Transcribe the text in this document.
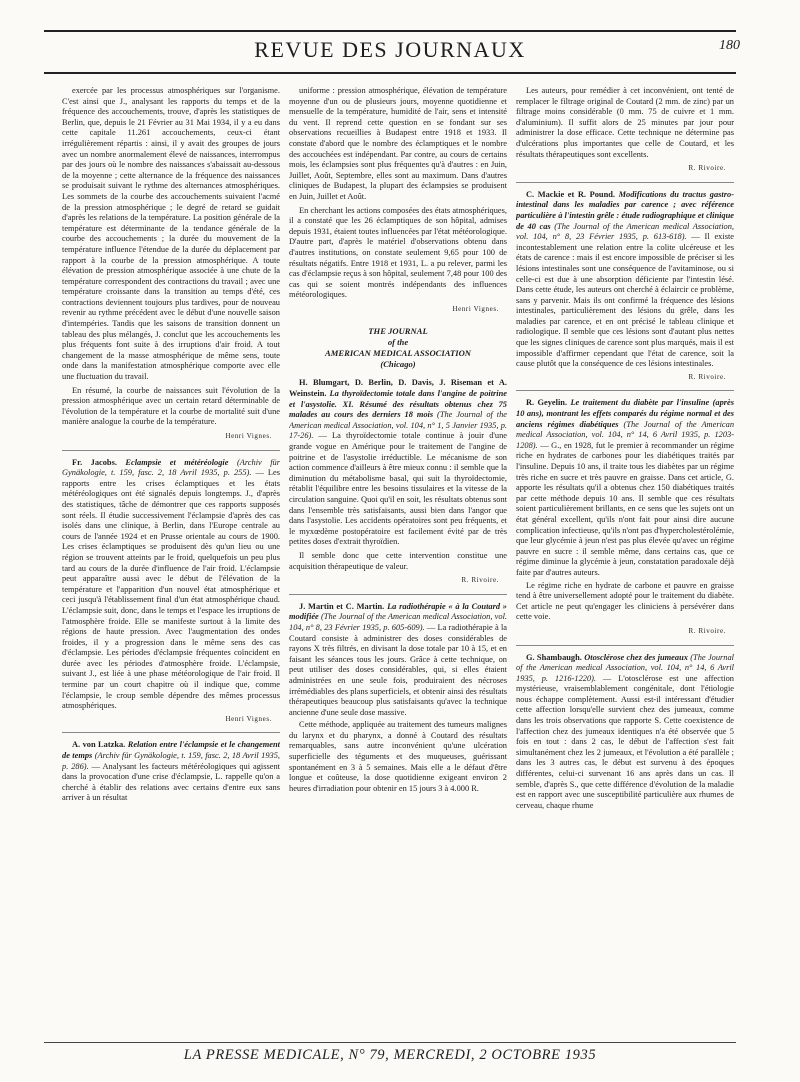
REVUE DES JOURNAUX	180

exercée par les processus atmosphériques sur l'organisme. C'est ainsi que J., analysant les rapports du temps et de la fréquence des accouchements, trouve, d'après les statistiques de Berlin, que, depuis le 21 Février au 31 Mai 1934, il y a eu dans cette capitale 11.261 accouchements, ceux-ci étant irrégulièrement répartis : ainsi, il y avait des groupes de jours avec un nombre anormalement élevé de naissances, interrompus par des jours où le nombre des naissances s'abaissait au-dessous de la moyenne ; cette alternance de la fréquence des naissances se produisait suivant le rythme des alternances atmosphériques. Les sommets de la courbe des accouchements suivaient l'acmé de la pression atmosphérique ; le degré de retard se guidait d'après les relations de la température. La position générale de la température est déterminante de la tendance générale de la courbe des accouchements ; la durée du mouvement de la température influence l'étendue de la durée du déplacement par rapport à la courbe de la pression atmosphérique. A toute élévation de pression atmosphérique associée à une chute de la température correspondent des contractions du travail ; avec une température croissante dans la transition au temps d'été, ces contractions deviennent toujours plus tardives, pour de nouveau revenir au rythme précédent avec le début d'une nouvelle saison d'intempéries. Tandis que les saisons de transition donnent un tableau des plus mélangés, J. conclut que les accouchements les plus fréquents font suite à des irruptions d'air froid. A tout changement de la masse atmosphérique de même sens, toute onde dans la manifestation atmosphérique comporte avec elle une fluctuation du travail.

En résumé, la courbe de naissances suit l'évolution de la pression atmosphérique avec un certain retard déterminable de l'évolution de la température et la courbe de mortalité suit d'une manière analogue la courbe de la température.

Henri Vignes.

Fr. Jacobs. Eclampsie et météréologie (Archiv für Gynäkologie, t. 159, fasc. 2, 18 Avril 1935, p. 255). — Les rapports entre les crises éclamptiques et les états météréologiques ont été signalés depuis longtemps. J., d'après des statistiques, tâche de démontrer que ces rapports supposés sont réels. Il étudie successivement l'éclampsie d'après des cas isolés dans une clinique, à Berlin, dans l'Europe centrale au cours de l'année 1924 et en Prusse orientale au cours de 1900. Les crises éclamptiques se produisent dès qu'un lieu ou une région se trouvent atteints par le froid, quelquefois un peu plus tard au cours de la durée d'influence de l'air froid. L'éclampsie peut apparaître aussi avec le début de l'élévation de la température et l'apparition d'un nouvel état atmosphérique et ceci jusqu'à l'établissement final d'un état atmosphérique chaud. L'éclampsie suit, donc, dans le temps et l'espace les irruptions de l'atmosphère froide. Elle se manifeste surtout à la limite des régions de haute pression. Avec l'augmentation des ondes froides, il y a progression dans le même sens des cas d'éclampsie. Les périodes d'éclampsie fréquentes coïncident en durée avec les périodes d'atmosphère froide. L'éclampsie, suivant J., est liée à une phase météorologique de l'air froid. Il termine par un court chapitre où il indique que, comme l'éclampsie, le croup semble dépendre des mêmes processus atmosphériques.

Henri Vignes.

A. von Latzka. Relation entre l'éclampsie et le changement de temps (Archiv für Gynäkologie, t. 159, fasc. 2, 18 Avril 1935, p. 286). — Analysant les facteurs météréologiques qui agissent dans la provocation d'une crise d'éclampsie, L. rappelle qu'on a cherché à établir des relations avec certains d'entre eux sans arriver à un résultat

uniforme : pression atmosphérique, élévation de température moyenne d'un ou de plusieurs jours, moyenne quotidienne et mensuelle de la température, humidité de l'air, sens et intensité du vent. Il reprend cette question en se fondant sur ses observations recueillies à Budapest entre 1918 et 1933. Il constate d'abord que le nombre des éclamptiques et le nombre des accouchées est indépendant. Par contre, au cours de certains mois, les éclampsies sont plus fréquentes qu'à d'autres : en Juin, Juillet, Août, Septembre, elles sont au maximum. Dans d'autres cliniques de Budapest, la plupart des éclampsies se produisent en Juin, Juillet et Août.

En cherchant les actions composées des états atmosphériques, il a constaté que les 26 éclamptiques de son hôpital, admises depuis 1931, étaient toutes influencées par l'état météorologique. D'autre part, d'après le matériel d'observations obtenu dans d'autres institutions, on constate seulement 9,65 pour 100 de résultats négatifs. Entre 1918 et 1931, L. a pu relever, parmi les cas d'éclampsie reçus à son hôpital, seulement 7,48 pour 100 des cas qui se soient montrés indépendants des influences météorologiques.

Henri Vignes.
THE JOURNAL
of the
AMERICAN MEDICAL ASSOCIATION
(Chicago)

H. Blumgart, D. Berlin, D. Davis, J. Riseman et A. Weinstein. La thyroïdectomie totale dans l'angine de poitrine et l'asystolie. XI. Résumé des résultats obtenus chez 75 malades au cours des derniers 18 mois (The Journal of the American medical Association, vol. 104, n° 1, 5 Janvier 1935, p. 17-26). — La thyroïdectomie totale continue à jouir d'une grande vogue en Amérique pour le traitement de l'angine de poitrine et de l'asystolie irréductible. Le mécanisme de son action commence d'ailleurs à être mieux connu : il semble que la diminution du métabolisme basal, qui suit la thyroïdectomie, rétablit l'équilibre entre les besoins tissulaires et la vitesse de la circulation sanguine. Quoi qu'il en soit, les résultats obtenus sont dans l'ensemble très satisfaisants, aussi bien dans l'angor que dans l'asystolie. Les accidents opératoires sont peu fréquents, et le myxœdème postopératoire est facilement évité par de très petites doses d'extrait thyroïdien.

Il semble donc que cette intervention constitue une acquisition thérapeutique de valeur.

R. Rivoire.

J. Martin et C. Martin. La radiothérapie « à la Coutard » modifiée (The Journal of the American medical Association, vol. 104, n° 8, 23 Février 1935, p. 605-609). — La radiothérapie à la Coutard consiste à administrer des doses considérables de rayons X très filtrés, en divisant la dose totale par 10 à 15, et en faisant les séances tous les jours. Grâce à cette technique, on peut utiliser des doses considérables, qui, si elles étaient administrées en une seule fois, produiraient des nécroses irrémédiables des plans superficiels, et obtenir ainsi des résultats thérapeutiques beaucoup plus satisfaisants qu'avec la technique ancienne d'une seule dose massive.

Cette méthode, appliquée au traitement des tumeurs malignes du larynx et du pharynx, a donné à Coutard des résultats remarquables, sans autre inconvénient qu'une ulcération superficielle des téguments et des muqueuses, guérissant spontanément en 3 à 5 semaines. Mais elle a le défaut d'être longue et coûteuse, la dose quotidienne exigeant environ 2 heures d'irradiation pour obtenir en 15 jours 3 à 4.000 R.

Les auteurs, pour remédier à cet inconvénient, ont tenté de remplacer le filtrage original de Coutard (2 mm. de zinc) par un filtrage moins considérable (0 mm. 75 de cuivre et 1 mm. d'aluminium). Il suffit alors de 25 minutes par jour pour administrer la dose efficace. Cette technique ne détermine pas d'ulcérations plus importantes que celle de Coutard, et les résultats thérapeutiques sont excellents.

R. Rivoire.

C. Mackie et R. Pound. Modifications du tractus gastro-intestinal dans les maladies par carence ; avec référence particulière à l'intestin grêle : étude radiographique et clinique de 40 cas (The Journal of the American medical Association, vol. 104, n° 8, 23 Février 1935, p. 613-618). — Il existe incontestablement une relation entre la colite ulcéreuse et les états de carence : mais il est encore impossible de préciser si les lésions intestinales sont une conséquence de l'avitaminose, ou si celle-ci est due à une absorption déficiente par l'intestin lésé. Dans cette étude, les auteurs ont cherché à éclaircir ce problème, sans y parvenir. Mais ils ont confirmé la fréquence des lésions intestinales, particulièrement des lésions du grêle, dans les maladies par carence, et en ont précisé le tableau clinique et radiologique. Il semble que ces lésions sont d'autant plus nettes que les signes cliniques de carence sont plus marqués, mais il est impossible d'affirmer cependant que l'état de carence, soit la cause plutôt que la conséquence de ces lésions intestinales.

R. Rivoire.

R. Geyelin. Le traitement du diabète par l'insuline (après 10 ans), montrant les effets comparés du régime normal et des anciens régimes diabétiques (The Journal of the American medical Association, vol. 104, n° 14, 6 Avril 1935, p. 1203-1208). — G., en 1928, fut le premier à recommander un régime riche en hydrates de carbones pour les diabétiques traités par l'insuline. Depuis 10 ans, il traite tous les diabètes par un régime très riche en sucre et très pauvre en graisse. Dans cet article, G. apporte les résultats qu'il a obtenus chez 150 diabétiques traités par cette méthode depuis 10 ans. Il semble que ces résultats soient particulièrement brillants, en ce sens que les sujets ont un état général excellent, qu'ils n'ont fait pour ainsi dire aucune complication infectieuse, qu'ils n'ont pas d'hypercholestérolémie, que leur glycémie à jeun n'est pas plus élevée qu'avec un régime pauvre en sucre : il semble même, dans certains cas, que ce régime diminue la glycémie à jeun, constatation paradoxale déjà faite par d'autres auteurs.

Le régime riche en hydrate de carbone et pauvre en graisse tend à être universellement adopté pour le traitement du diabète. Cet article ne peut qu'engager les cliniciens à persévérer dans cette voie.

R. Rivoire.

G. Shambaugh. Otosclérose chez des jumeaux (The Journal of the American medical Association, vol. 104, n° 14, 6 Avril 1935, p. 1216-1220). — L'otosclérose est une affection mystérieuse, vraisemblablement congénitale, dont l'étiologie nous échappe complètement. Aussi est-il intéressant d'étudier cette affection lorsqu'elle survient chez des jumeaux, comme dans les trois observations que rapporte S. Cette coexistence de l'affection chez des jumeaux identiques n'a été observée que 5 fois en tout : dans 2 cas, le début de l'affection s'est fait simultanément chez les 2 jumeaux, et l'évolution a été parallèle ; dans les 3 autres cas, le début est survenu à des époques différentes, celui-ci survenant 16 ans après dans un cas. Il semble, d'après S., que cette différence d'évolution de la maladie est en rapport avec une susceptibilité particulière aux rhumes de cerveau, chaque rhume

LA PRESSE MEDICALE, N° 79, MERCREDI, 2 OCTOBRE 1935
